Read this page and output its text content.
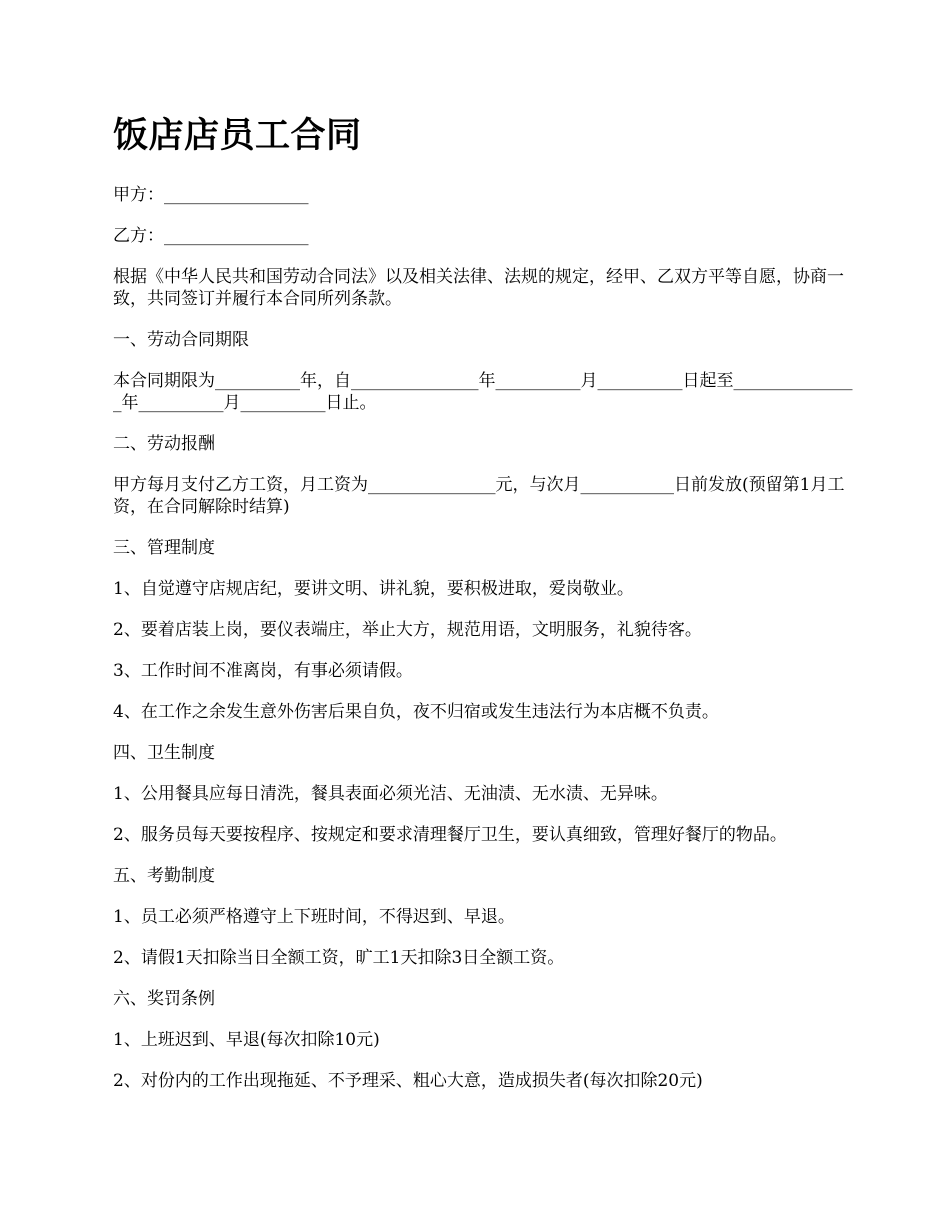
饭店店员工合同

甲方：_________________

乙方：_________________

根据《中华人民共和国劳动合同法》以及相关法律、法规的规定，经甲、乙双方平等自愿，协商一致，共同签订并履行本合同所列条款。

一、劳动合同期限

本合同期限为__________年，自_______________年__________月__________日起至_______________年__________月__________日止。

二、劳动报酬

甲方每月支付乙方工资，月工资为_______________元，与次月___________日前发放(预留第1月工资，在合同解除时结算)

三、管理制度

1、自觉遵守店规店纪，要讲文明、讲礼貌，要积极进取，爱岗敬业。

2、要着店装上岗，要仪表端庄，举止大方，规范用语，文明服务，礼貌待客。

3、工作时间不准离岗，有事必须请假。

4、在工作之余发生意外伤害后果自负，夜不归宿或发生违法行为本店概不负责。

四、卫生制度

1、公用餐具应每日清洗，餐具表面必须光洁、无油渍、无水渍、无异味。

2、服务员每天要按程序、按规定和要求清理餐厅卫生，要认真细致，管理好餐厅的物品。

五、考勤制度

1、员工必须严格遵守上下班时间，不得迟到、早退。

2、请假1天扣除当日全额工资，旷工1天扣除3日全额工资。

六、奖罚条例

1、上班迟到、早退(每次扣除10元)

2、对份内的工作出现拖延、不予理采、粗心大意，造成损失者(每次扣除20元)
